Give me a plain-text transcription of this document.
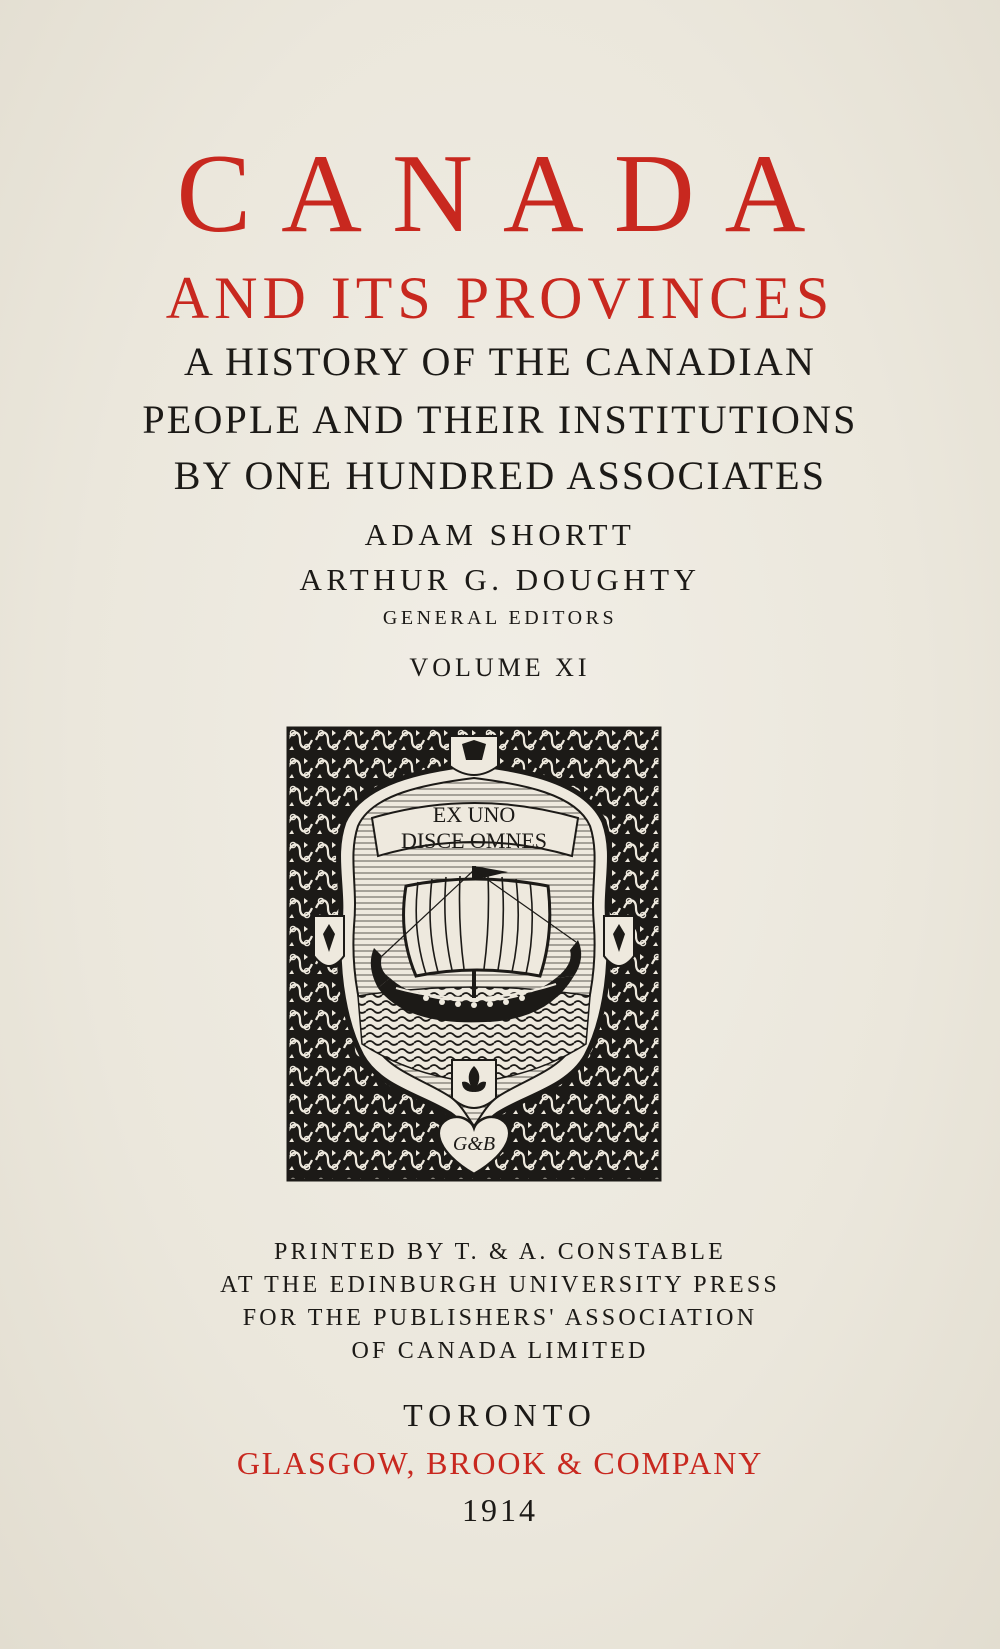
CANADA
AND ITS PROVINCES
A HISTORY OF THE CANADIAN
PEOPLE AND THEIR INSTITUTIONS
BY ONE HUNDRED ASSOCIATES
ADAM SHORTT
ARTHUR G. DOUGHTY
GENERAL EDITORS
VOLUME XI
EX UNO
DISCE OMNES
G&B
PRINTED BY T. & A. CONSTABLE
AT THE EDINBURGH UNIVERSITY PRESS
FOR THE PUBLISHERS' ASSOCIATION
OF CANADA LIMITED
TORONTO
GLASGOW, BROOK & COMPANY
1914
